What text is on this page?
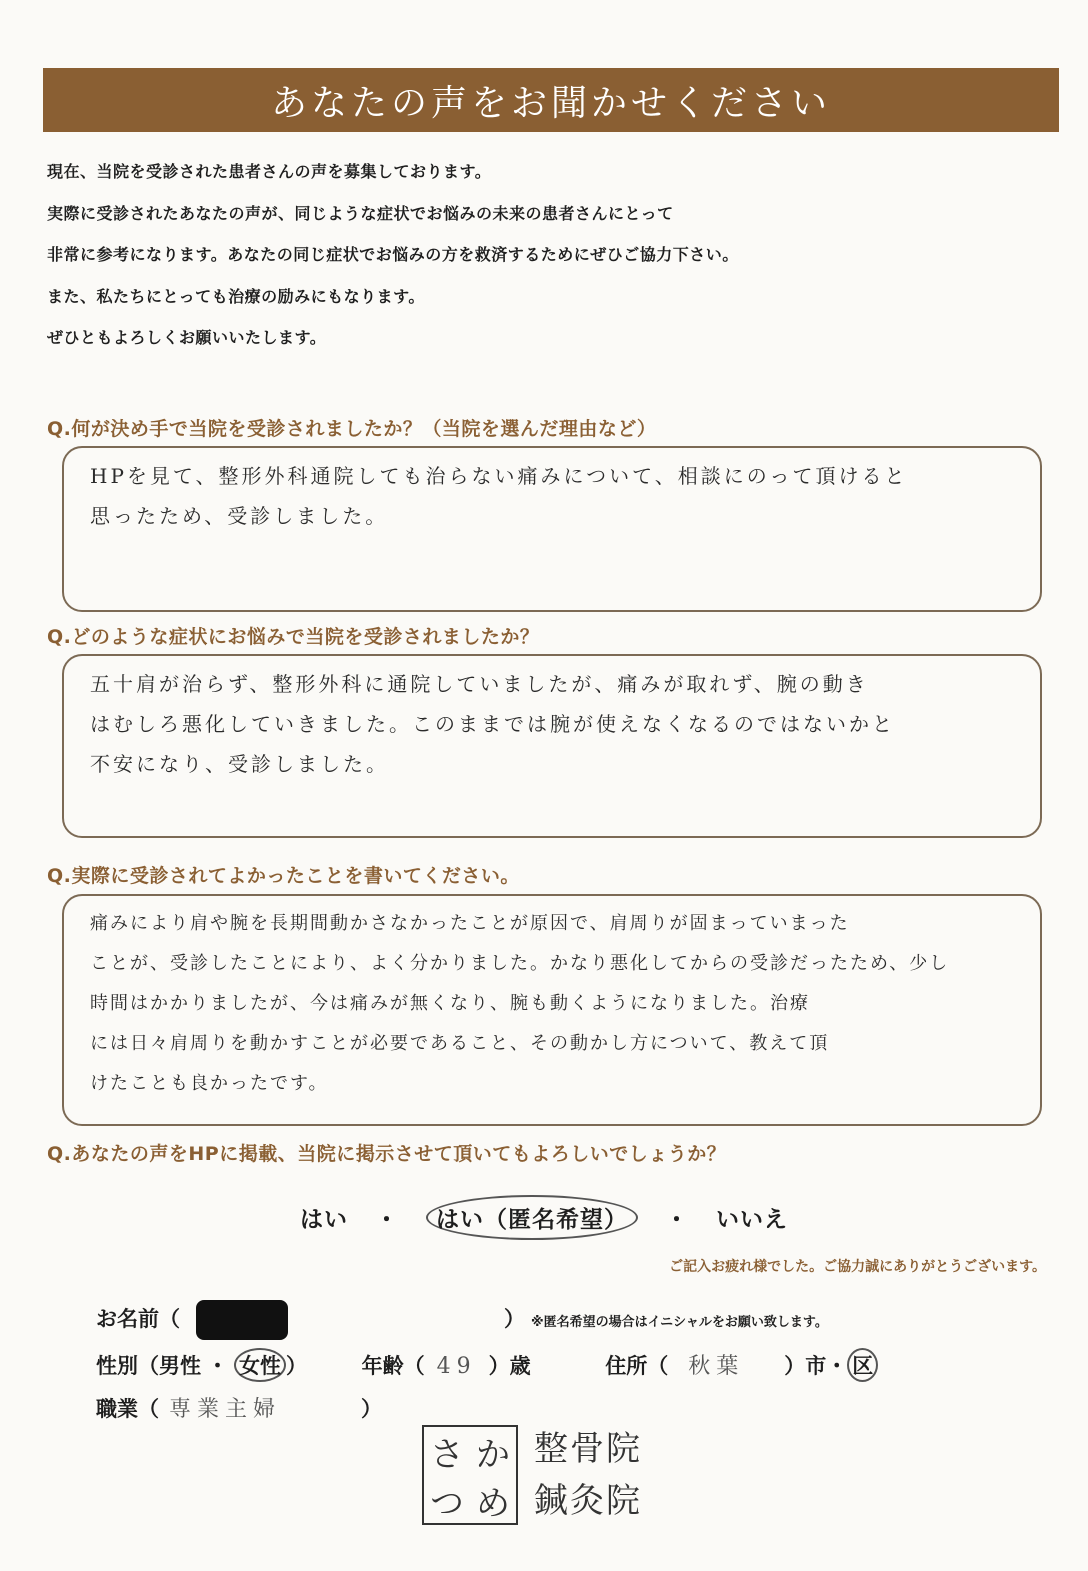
あなたの声をお聞かせください

現在、当院を受診された患者さんの声を募集しております。

実際に受診されたあなたの声が、同じような症状でお悩みの未来の患者さんにとって

非常に参考になります。あなたの同じ症状でお悩みの方を救済するためにぜひご協力下さい。

また、私たちにとっても治療の励みにもなります。

ぜひともよろしくお願いいたします。

Q.何が決め手で当院を受診されましたか？（当院を選んだ理由など）

HPを見て、整形外科通院しても治らない痛みについて、相談にのって頂けると

思ったため、受診しました。

Q.どのような症状にお悩みで当院を受診されましたか？

五十肩が治らず、整形外科に通院していましたが、痛みが取れず、腕の動き

はむしろ悪化していきました。このままでは腕が使えなくなるのではないかと

不安になり、受診しました。

Q.実際に受診されてよかったことを書いてください。

痛みにより肩や腕を長期間動かさなかったことが原因で、肩周りが固まっていまった

ことが、受診したことにより、よく分かりました。かなり悪化してからの受診だったため、少し

時間はかかりましたが、今は痛みが無くなり、腕も動くようになりました。治療

には日々肩周りを動かすことが必要であること、その動かし方について、教えて頂

けたことも良かったです。

Q.あなたの声をHPに掲載、当院に掲示させて頂いてもよろしいでしょうか？
はい ・ はい（匿名希望） ・ いいえ
ご記入お疲れ様でした。ご協力誠にありがとうございます。
お名前（	） ※匿名希望の場合はイニシャルをお願い致します。
性別（男性 ・ 女性 ）	年齢（ 49 ）歳	住所（ 秋葉 ）市・ 区
職業（ 専業主婦	）
さ か
つ め
整骨院
鍼灸院
